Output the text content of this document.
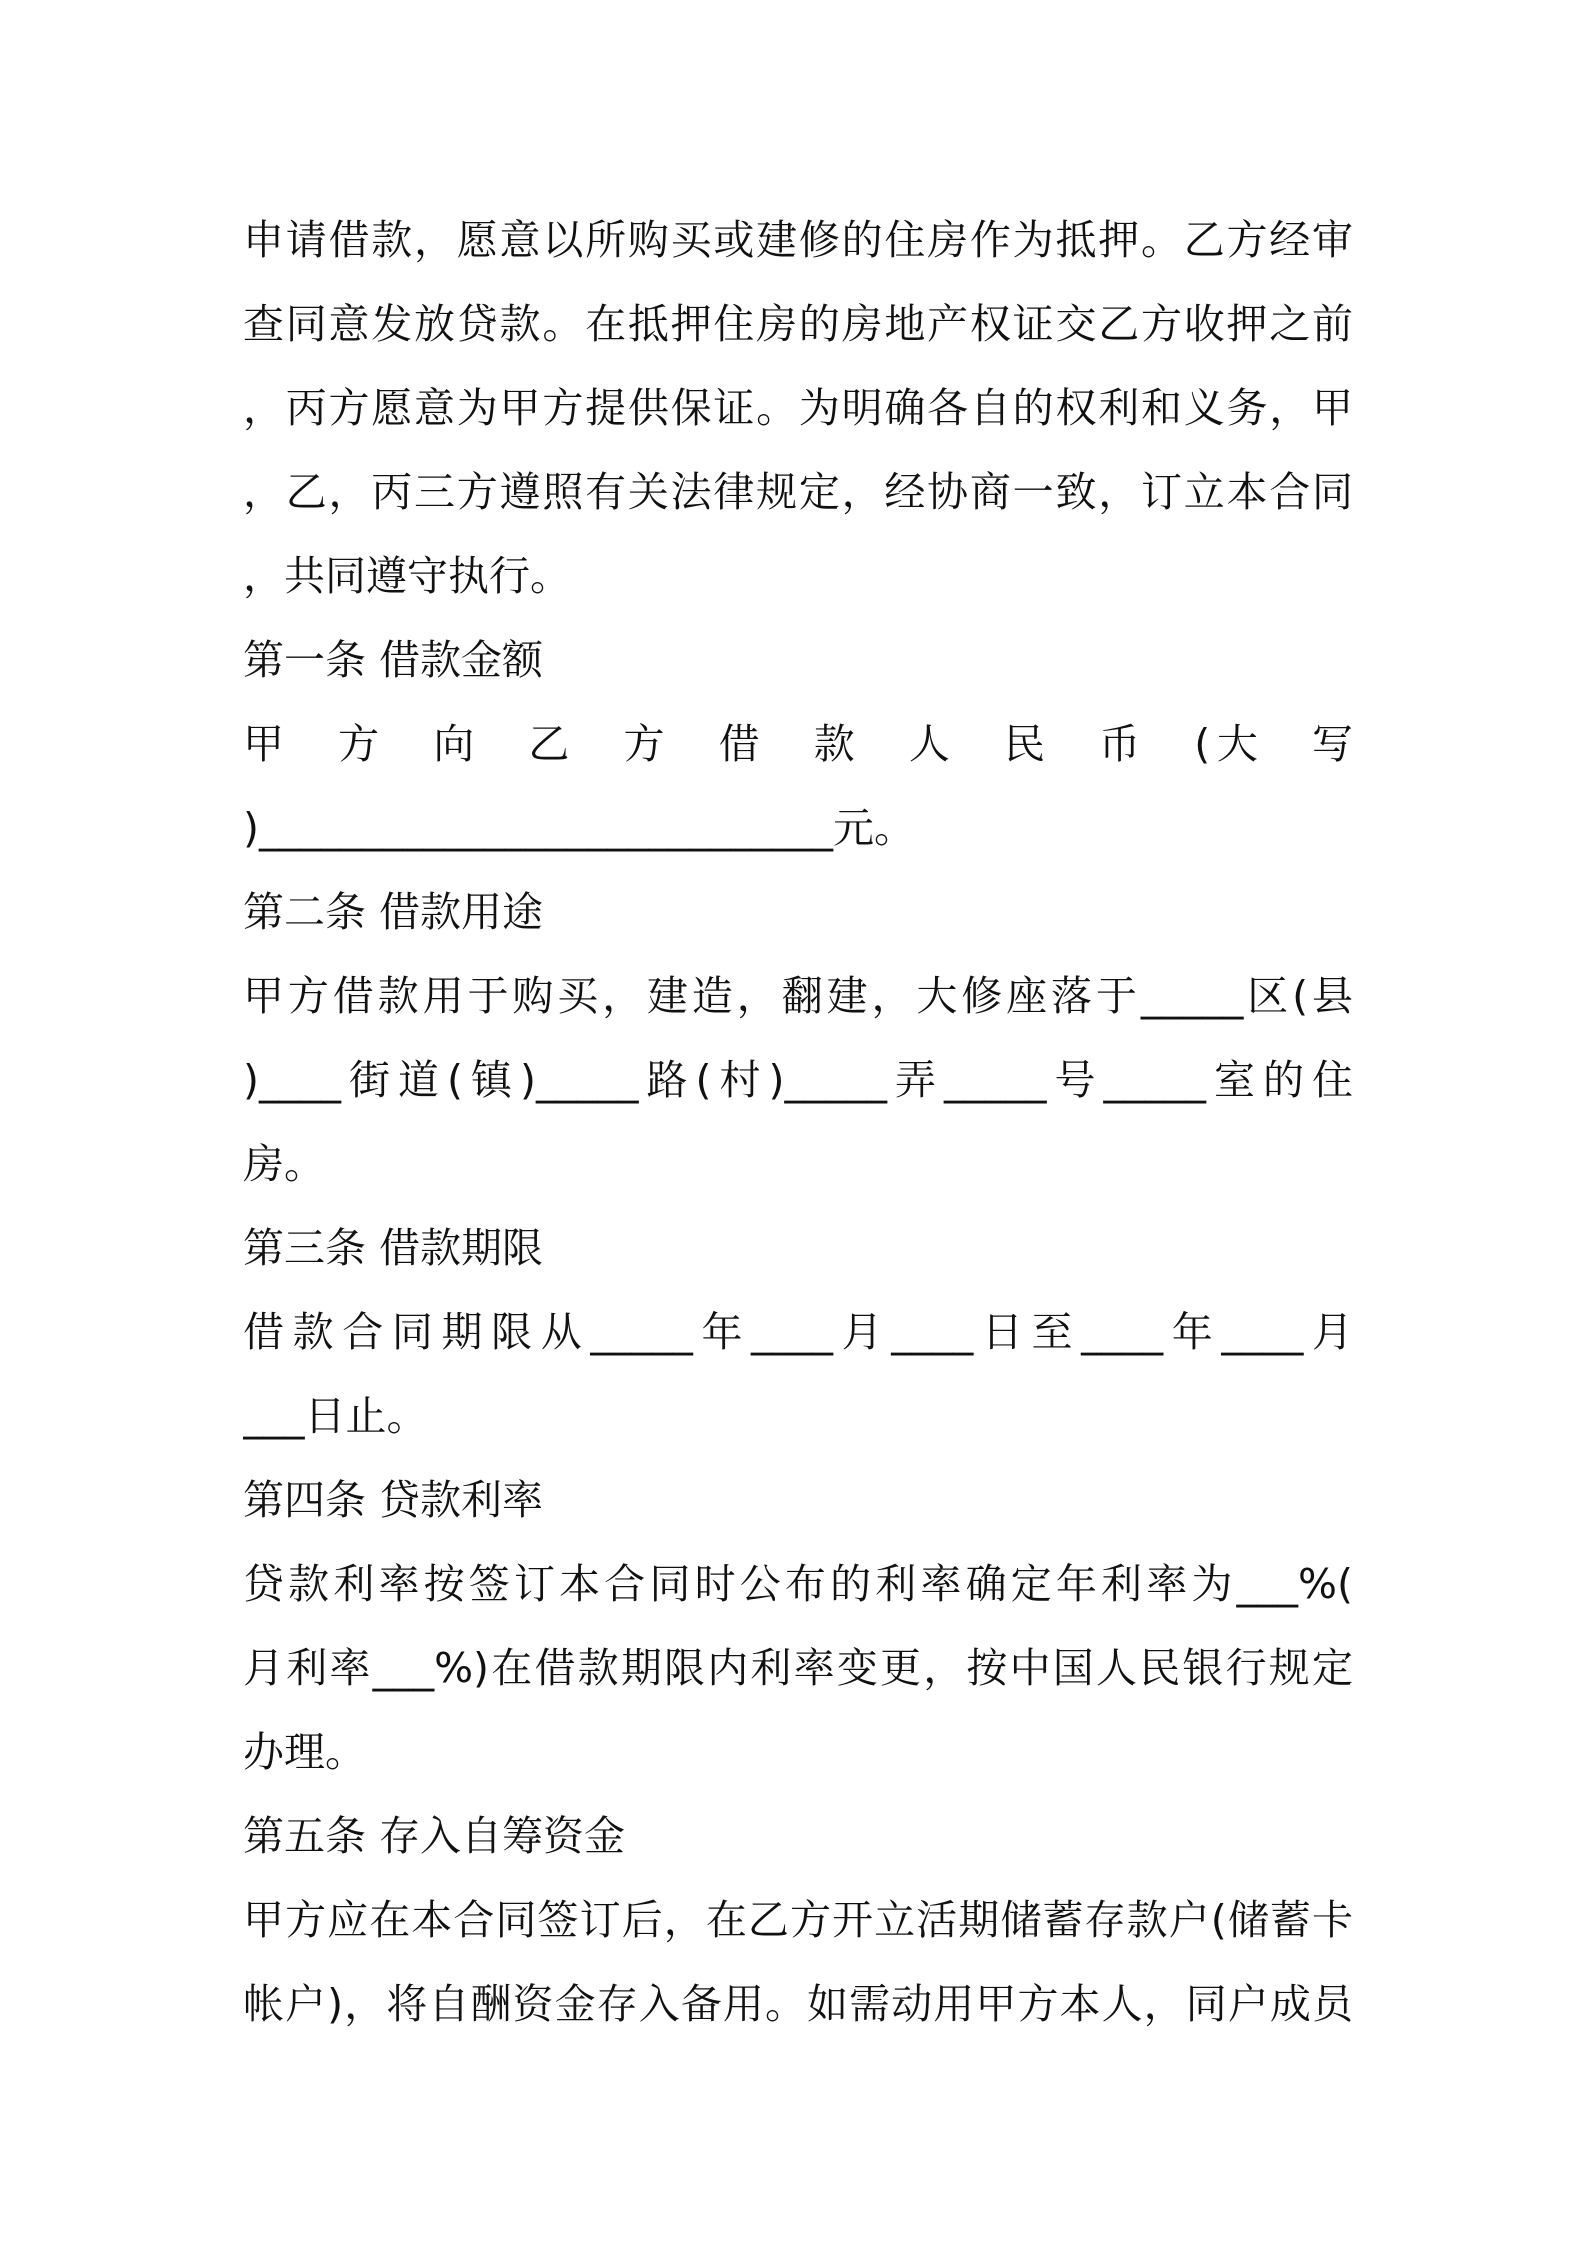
申请借款，愿意以所购买或建修的住房作为抵押。乙方经审
查同意发放贷款。在抵押住房的房地产权证交乙方收押之前
，丙方愿意为甲方提供保证。为明确各自的权利和义务，甲
，乙，丙三方遵照有关法律规定，经协商一致，订立本合同
，共同遵守执行。
第一条 借款金额
甲　方　向　乙　方　借　款　人　民　币　(大　写
)____________________________元。
第二条 借款用途
甲方借款用于购买，建造，翻建，大修座落于_____区(县
)____街道(镇)_____路(村)_____弄_____号_____室的住
房。
第三条 借款期限
借款合同期限从_____年____月____日至____年____月
___日止。
第四条 贷款利率
贷款利率按签订本合同时公布的利率确定年利率为___%(
月利率___%)在借款期限内利率变更，按中国人民银行规定
办理。
第五条 存入自筹资金
甲方应在本合同签订后，在乙方开立活期储蓄存款户(储蓄卡
帐户)，将自酬资金存入备用。如需动用甲方本人，同户成员
